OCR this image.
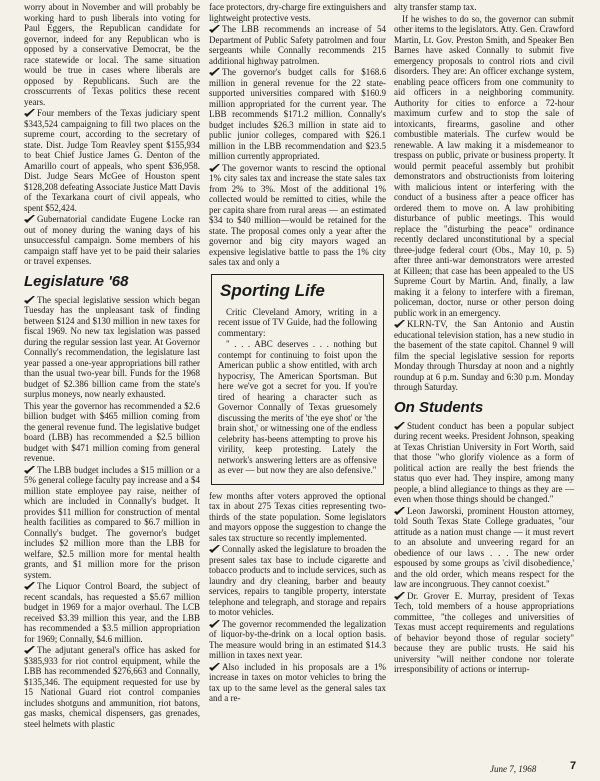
worry about in November and will probably be working hard to push liberals into voting for Paul Eggers, the Republican candidate for governor, indeed for any Republican who is opposed by a conservative Democrat, be the race statewide or local. The same situation would be true in cases where liberals are opposed by Republicans. Such are the crosscurrents of Texas politics these recent years.

Four members of the Texas judiciary spent $343,524 campaigning to fill two places on the supreme court, according to the secretary of state. Dist. Judge Tom Reavley spent $155,934 to beat Chief Justice James G. Denton of the Amarillo court of appeals, who spent $36,958. Dist. Judge Sears McGee of Houston spent $128,208 defeating Associate Justice Matt Davis of the Texarkana court of civil appeals, who spent $52,424.

Gubernatorial candidate Eugene Locke ran out of money during the waning days of his unsuccessful campaign. Some members of his campaign staff have yet to be paid their salaries or travel expenses.

Legislature '68

The special legislative session which began Tuesday has the unpleasant task of finding between $124 and $130 million in new taxes for fiscal 1969. No new tax legislation was passed during the regular session last year. At Governor Connally's recommendation, the legislature last year passed a one-year appropriations bill rather than the usual two-year bill. Funds for the 1968 budget of $2.386 billion came from the state's surplus moneys, now nearly exhausted.

This year the governor has recommended a $2.6 billion budget with $465 million coming from the general revenue fund. The legislative budget board (LBB) has recommended a $2.5 billion budget with $471 million coming from general revenue.

The LBB budget includes a $15 million or a 5% general college faculty pay increase and a $4 million state employee pay raise, neither of which are included in Connally's budget. It provides $11 million for construction of mental health facilities as compared to $6.7 million in Connally's budget. The governor's budget includes $2 million more than the LBB for welfare, $2.5 million more for mental health grants, and $1 million more for the prison system.

The Liquor Control Board, the subject of recent scandals, has requested a $5.67 million budget in 1969 for a major overhaul. The LCB received $3.39 million this year, and the LBB has recommended a $3.5 million appropriation for 1969; Connally, $4.6 million.

The adjutant general's office has asked for $385,933 for riot control equipment, while the LBB has recommended $276,663 and Connally, $135,346. The equipment requested for use by 15 National Guard riot control companies includes shotguns and ammunition, riot batons, gas masks, chemical dispensers, gas grenades, steel helmets with plastic

face protectors, dry-charge fire extinguishers and lightweight protective vests.

The LBB recommends an increase of 54 Department of Public Safety patrolmen and four sergeants while Connally recommends 215 additional highway patrolmen.

The governor's budget calls for $168.6 million in general revenue for the 22 state-supported universities compared with $160.9 million appropriated for the current year. The LBB recommends $171.2 million. Connally's budget includes $26.3 million in state aid to public junior colleges, compared with $26.1 million in the LBB recommendation and $23.5 million currently appropriated.

The governor wants to rescind the optional 1% city sales tax and increase the state sales tax from 2% to 3%. Most of the additional 1% collected would be remitted to cities, while the per capita share from rural areas — an estimated $34 to $40 million—would be retained for the state. The proposal comes only a year after the governor and big city mayors waged an expensive legislative battle to pass the 1% city sales tax and only a

Sporting Life

Critic Cleveland Amory, writing in a recent issue of TV Guide, had the following commentary:

" . . . ABC deserves . . . nothing but contempt for continuing to foist upon the American public a show entitled, with arch hypocrisy, The American Sportsman. But here we've got a secret for you. If you're tired of hearing a character such as Governor Connally of Texas gruesomely discussing the merits of 'the eye shot' or 'the brain shot,' or witnessing one of the endless celebrity has-beens attempting to prove his virility, keep protesting. Lately the network's answering letters are as offensive as ever — but now they are also defensive."

few months after voters approved the optional tax in about 275 Texas cities representing two-thirds of the state population. Some legislators and mayors oppose the suggestion to change the sales tax structure so recently implemented.

Connally asked the legislature to broaden the present sales tax base to include cigarette and tobacco products and to include services, such as laundry and dry cleaning, barber and beauty services, repairs to tangible property, interstate telephone and telegraph, and storage and repairs to motor vehicles.

The governor recommended the legalization of liquor-by-the-drink on a local option basis. The measure would bring in an estimated $14.3 million in taxes next year.

Also included in his proposals are a 1% increase in taxes on motor vehicles to bring the tax up to the same level as the general sales tax and a re-

alty transfer stamp tax.

If he wishes to do so, the governor can submit other items to the legislators. Atty. Gen. Crawford Martin, Lt. Gov. Preston Smith, and Speaker Ben Barnes have asked Connally to submit five emergency proposals to control riots and civil disorders. They are: An officer exchange system, enabling peace officers from one community to aid officers in a neighboring community. Authority for cities to enforce a 72-hour maximum curfew and to stop the sale of intoxicants, firearms, gasoline and other combustible materials. The curfew would be renewable. A law making it a misdemeanor to trespass on public, private or business property. It would permit peaceful assembly but prohibit demonstrators and obstructionists from loitering with malicious intent or interfering with the conduct of a business after a peace officer has ordered them to move on. A law prohibiting disturbance of public meetings. This would replace the "disturbing the peace" ordinance recently declared unconstitutional by a special three-judge federal court (Obs., May 10, p. 5) after three anti-war demonstrators were arrested at Killeen; that case has been appealed to the US Supreme Court by Martin. And, finally, a law making it a felony to interfere with a fireman, policeman, doctor, nurse or other person doing public work in an emergency.

KLRN-TV, the San Antonio and Austin educational television station, has a new studio in the basement of the state capitol. Channel 9 will film the special legislative session for reports Monday through Thursday at noon and a nightly roundup at 6 p.m. Sunday and 6:30 p.m. Monday through Saturday.

On Students

Student conduct has been a popular subject during recent weeks. President Johnson, speaking at Texas Christian University in Fort Worth, said that those "who glorify violence as a form of political action are really the best friends the status quo ever had. They inspire, among many people, a blind allegiance to things as they are — even when those things should be changed."

Leon Jaworski, prominent Houston attorney, told South Texas State College graduates, "our attitude as a nation must change — it must revert to an absolute and unveering regard for an obedience of our laws . . . The new order espoused by some groups as 'civil disobedience,' and the old order, which means respect for the law are incongruous. They cannot coexist."

Dr. Grover E. Murray, president of Texas Tech, told members of a house appropriations committee, "the colleges and universities of Texas must accept requirements and regulations of behavior beyond those of regular society" because they are public trusts. He said his university "will neither condone nor tolerate irresponsibility of actions or interrup-

June 7, 1968	7
